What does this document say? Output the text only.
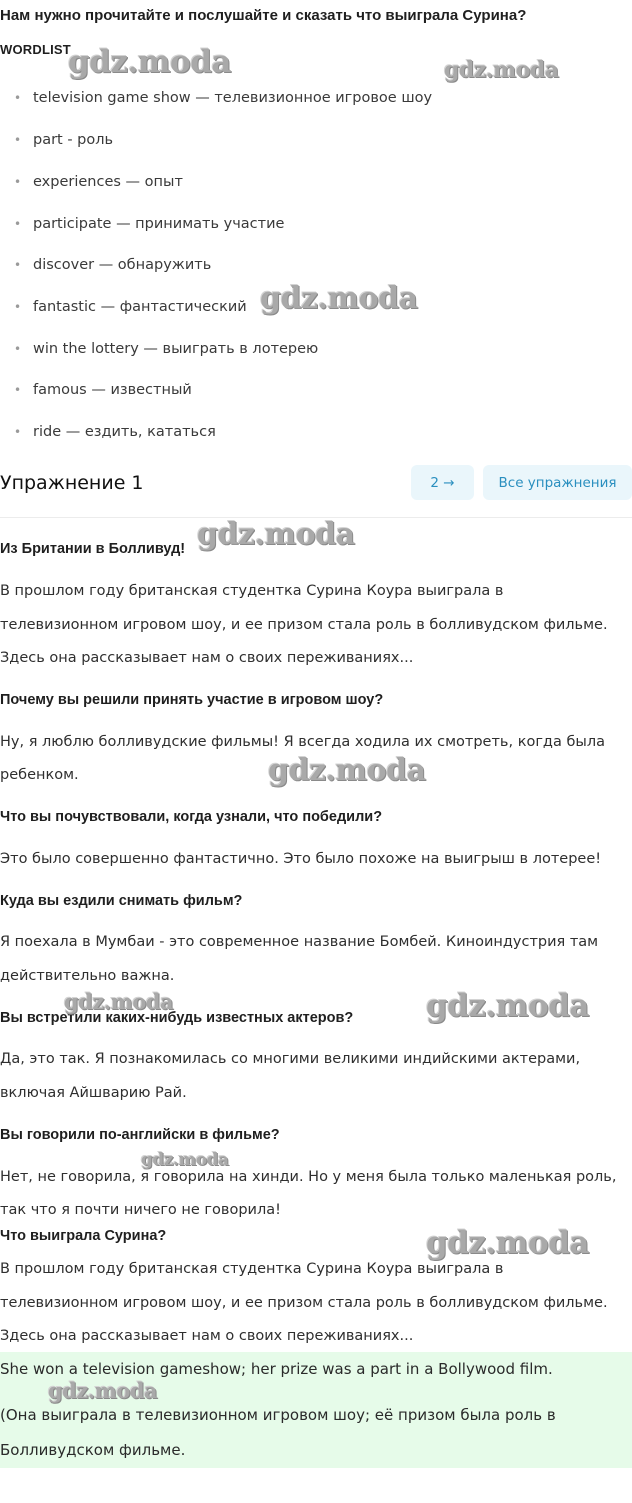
Нам нужно прочитайте и послушайте и сказать что выиграла Сурина?
WORDLIST
• television game show — телевизионное игровое шоу
• part - роль
• experiences — опыт
• participate — принимать участие
• discover — обнаружить
• fantastic — фантастический
• win the lottery — выиграть в лотерею
• famous — известный
• ride — ездить, кататься
Упражнение 1	2 →	Все упражнения
Из Британии в Болливуд!
В прошлом году британская студентка Сурина Коура выиграла в
телевизионном игровом шоу, и ее призом стала роль в болливудском фильме.
Здесь она рассказывает нам о своих переживаниях...
Почему вы решили принять участие в игровом шоу?
Ну, я люблю болливудские фильмы! Я всегда ходила их смотреть, когда была
ребенком.
Что вы почувствовали, когда узнали, что победили?
Это было совершенно фантастично. Это было похоже на выигрыш в лотерее!
Куда вы ездили снимать фильм?
Я поехала в Мумбаи - это современное название Бомбей. Киноиндустрия там
действительно важна.
Вы встретили каких-нибудь известных актеров?
Да, это так. Я познакомилась со многими великими индийскими актерами,
включая Айшварию Рай.
Вы говорили по-английски в фильме?
Нет, не говорила, я говорила на хинди. Но у меня была только маленькая роль,
так что я почти ничего не говорила!
Что выиграла Сурина?
В прошлом году британская студентка Сурина Коура выиграла в
телевизионном игровом шоу, и ее призом стала роль в болливудском фильме.
Здесь она рассказывает нам о своих переживаниях...
She won a television gameshow; her prize was a part in a Bollywood film.
(Она выиграла в телевизионном игровом шоу; её призом была роль в
Болливудском фильме.
gdz.moda	gdz.moda
gdz.moda
gdz.moda
gdz.moda
gdz.moda	gdz.moda
gdz.moda
gdz.moda
gdz.moda
